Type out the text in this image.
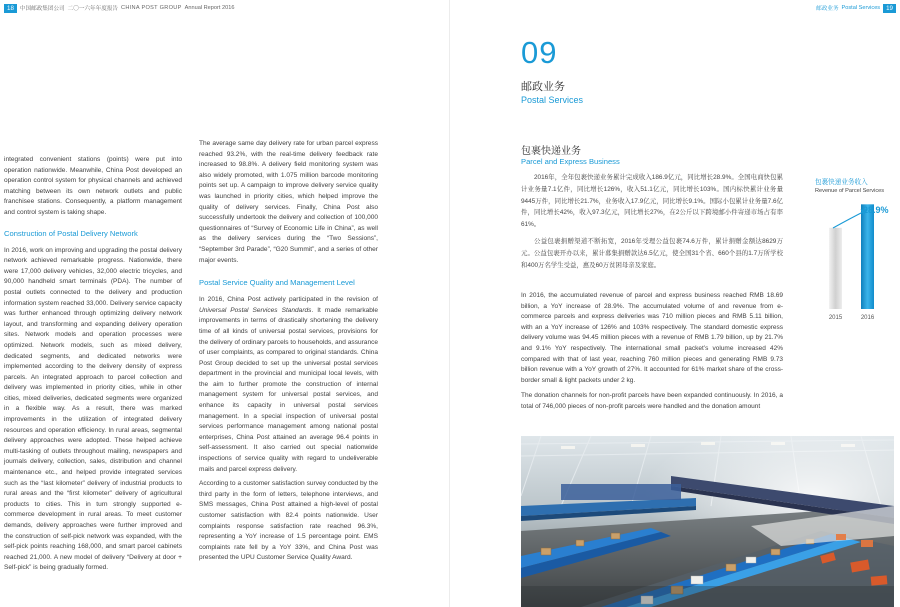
18	中国邮政集团公司 二〇一六年年度报告 CHINA POST GROUP Annual Report 2016	邮政业务 Postal Services 19

integrated convenient stations (points) were put into operation nationwide. Meanwhile, China Post developed an operation control system for physical channels and achieved matching between its own network outlets and public franchisee stations. Consequently, a platform management and control system is taking shape.

Construction of Postal Delivery Network

In 2016, work on improving and upgrading the postal delivery network achieved remarkable progress. Nationwide, there were 17,000 delivery vehicles, 32,000 electric tricycles, and 90,000 handheld smart terminals (PDA). The number of postal outlets connected to the delivery and production information system reached 33,000. Delivery service capacity was further enhanced through optimizing delivery network layout, and transforming and expanding delivery operation sites. Network models and operation processes were optimized. Network models, such as mixed delivery, dedicated segments, and dedicated networks were implemented according to the delivery density of express parcels. An integrated approach to parcel collection and delivery was implemented in priority cities, while in other cities, mixed deliveries, dedicated segments were organized in a flexible way. As a result, there was marked improvements in the utilization of integrated delivery resources and operation efficiency. In rural areas, segmental delivery approaches were adopted. These helped achieve multi-tasking of outlets throughout mailing, newspapers and journals delivery, collection, sales, distribution and channel maintenance etc., and helped provide integrated services such as the “last kilometer” delivery of industrial products to rural areas and the “first kilometer” delivery of agricultural products to cities. This in turn strongly supported e-commerce development in rural areas. To meet customer demands, delivery approaches were further improved and the construction of self-pick network was expanded, with the self-pick points reaching 168,000, and smart parcel cabinets reached 21,000. A new model of delivery “Delivery at door + Self-pick” is being gradually formed.

The average same day delivery rate for urban parcel express reached 93.2%, with the real-time delivery feedback rate increased to 98.8%. A delivery field monitoring system was also widely promoted, with 1.075 million barcode monitoring points set up. A campaign to improve delivery service quality was launched in priority cities, which helped improve the quality of delivery services. Finally, China Post also successfully undertook the delivery and collection of 100,000 questionnaires of “Survey of Economic Life in China”, as well as the delivery services during the “Two Sessions”, “September 3rd Parade”, “G20 Summit”, and a series of other major events.

Postal Service Quality and Management Level

In 2016, China Post actively participated in the revision of Universal Postal Services Standards. It made remarkable improvements in terms of drastically shortening the delivery time of all kinds of universal postal services, provisions for the delivery of ordinary parcels to households, and assurance of user complaints, as compared to original standards. China Post Group decided to set up the universal postal services department in the provincial and municipal local levels, with the aim to further promote the construction of internal management system for universal postal services, and enhance its capacity in universal postal services management. In a special inspection of universal postal services performance management among national postal enterprises, China Post attained an average 96.4 points in self-assessment. It also carried out special nationwide inspections of service quality with regard to undeliverable mails and parcel express delivery.

According to a customer satisfaction survey conducted by the third party in the form of letters, telephone interviews, and SMS messages, China Post attained a high-level of postal customer satisfaction with 82.4 points nationwide. User complaints response satisfaction rate reached 96.3%, representing a YoY increase of 1.5 percentage point. EMS complaints rate fell by a YoY 33%, and China Post was presented the UPU Customer Service Quality Award.

09
邮政业务
Postal Services
包裹快递业务
Parcel and Express Business

2016年，全年包裹快递业务累计完成收入186.9亿元，同比增长28.9%。全国电商快包累计业务量7.1亿件，同比增长126%，收入51.1亿元，同比增长103%。国内标快累计业务量9445万件，同比增长21.7%，业务收入17.9亿元，同比增长9.1%。国际小包累计业务量7.6亿件，同比增长42%，收入97.3亿元，同比增长27%，在2公斤以下跨境邮小件寄递市场占有率61%。

公益包裹捐赠渠道不断拓宽，2016年受理公益包裹74.6万件，累计捐赠金额达8629万元。公益包裹开办以来，累计募集捐赠款达6.5亿元，使全国31个省、660个县的1.7万所学校和400万名学生受益，惠及60万贫困母亲及家庭。

In 2016, the accumulated revenue of parcel and express business reached RMB 18.69 billion, a YoY increase of 28.9%. The accumulated volume of and revenue from e-commerce parcels and express deliveries was 710 million pieces and RMB 5.11 billion, with an a YoY increase of 126% and 103% respectively. The standard domestic express delivery volume was 94.45 million pieces with a revenue of RMB 1.79 billion, up by 21.7% and 9.1% YoY respectively. The international small packet’s volume increased 42% compared with that of last year, reaching 760 million pieces and generating RMB 9.73 billion revenue with a YoY growth of 27%. It accounted for 61% market share of the cross-border small & light packets under 2 kg.

The donation channels for non-profit parcels have been expanded continuously. In 2016, a total of 746,000 pieces of non-profit parcels were handled and the donation amount

包裹快递业务收入
Revenue of Parcel Services
2015	2016
28.9%
